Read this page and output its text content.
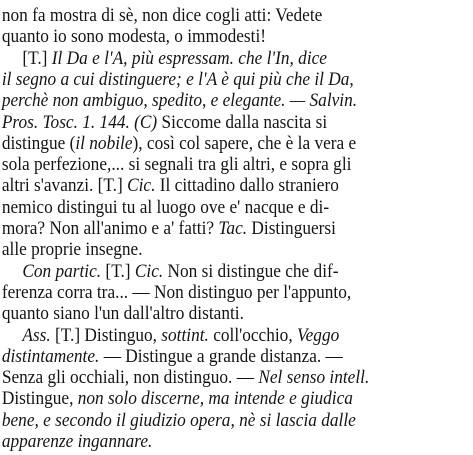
non fa mostra di sè, non dice cogli atti: Vedete
quanto io sono modesta, o immodesti!
[T.] Il Da e l'A, più espressam. che l'In, dice
il segno a cui distinguere; e l'A è qui più che il Da,
perchè non ambiguo, spedito, e elegante. — Salvin.
Pros. Tosc. 1. 144. (C) Siccome dalla nascita si
distingue (il nobile), così col sapere, che è la vera e
sola perfezione,... si segnali tra gli altri, e sopra gli
altri s'avanzi. [T.] Cic. Il cittadino dallo straniero
nemico distingui tu al luogo ove e' nacque e di-
mora? Non all'animo e a' fatti? Tac. Distinguersi
alle proprie insegne.
Con partic. [T.] Cic. Non si distingue che dif-
ferenza corra tra... — Non distinguo per l'appunto,
quanto siano l'un dall'altro distanti.
Ass. [T.] Distinguo, sottint. coll'occhio, Veggo
distintamente. — Distingue a grande distanza. —
Senza gli occhiali, non distinguo. — Nel senso intell.
Distingue, non solo discerne, ma intende e giudica
bene, e secondo il giudizio opera, nè si lascia dalle
apparenze ingannare.
